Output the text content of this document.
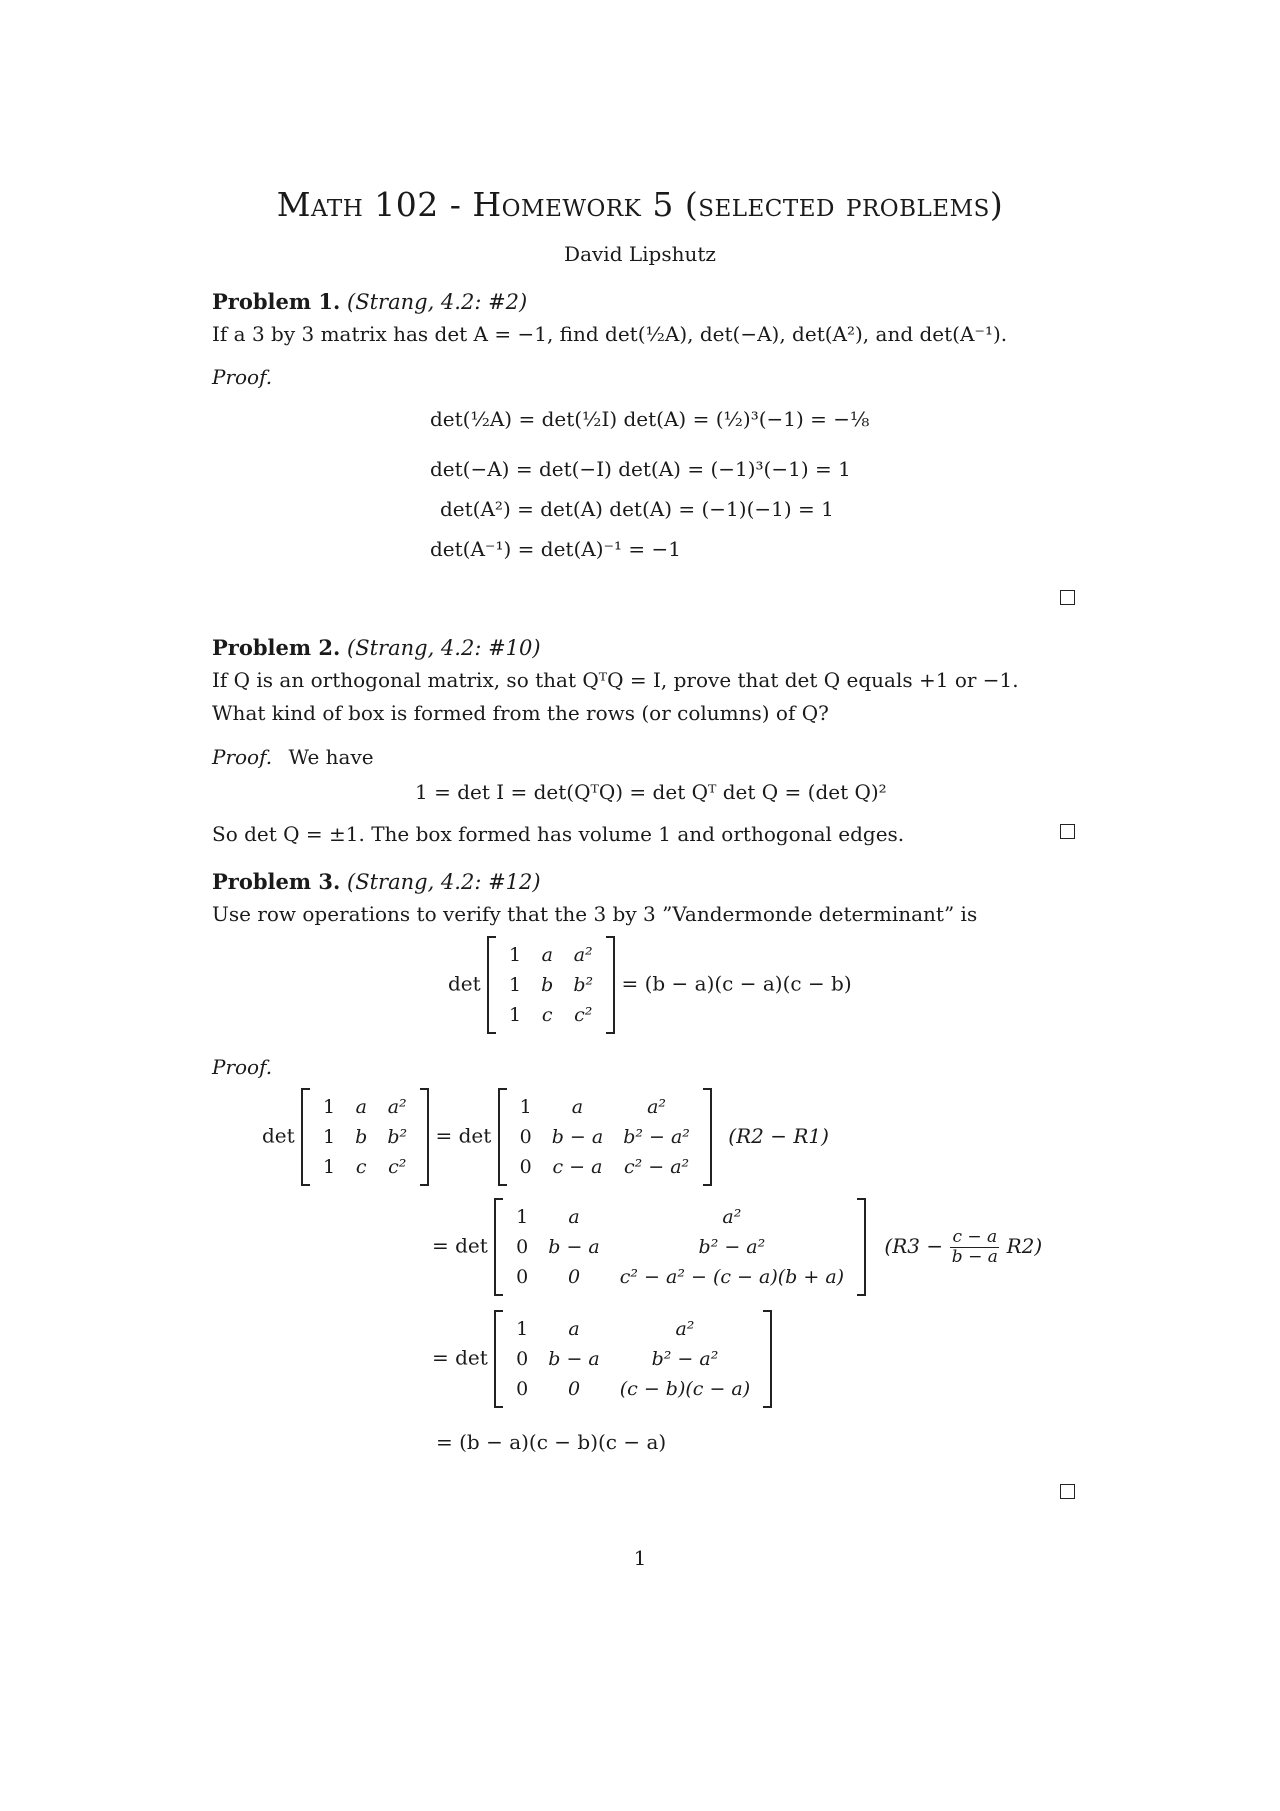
Math 102 - Homework 5 (selected problems)
David Lipshutz
Problem 1. (Strang, 4.2: #2)
If a 3 by 3 matrix has det A = −1, find det(½A), det(−A), det(A²), and det(A⁻¹).
Proof.
det(½A) = det(½I) det(A) = (½)³(−1) = −⅛
det(−A) = det(−I) det(A) = (−1)³(−1) = 1
det(A²) = det(A) det(A) = (−1)(−1) = 1
det(A⁻¹) = det(A)⁻¹ = −1
Problem 2. (Strang, 4.2: #10)
If Q is an orthogonal matrix, so that QᵀQ = I, prove that det Q equals +1 or −1. What kind of box is formed from the rows (or columns) of Q?
Proof. We have
1 = det I = det(QᵀQ) = det Qᵀ det Q = (det Q)²
So det Q = ±1. The box formed has volume 1 and orthogonal edges.
Problem 3. (Strang, 4.2: #12)
Use row operations to verify that the 3 by 3 ”Vandermonde determinant” is
det
1	a	a²
1	b	b²
1	c	c²
= (b − a)(c − a)(c − b)
Proof.
det
1	a	a²
1	b	b²
1	c	c²
= det
1	a	a²
0	b − a	b² − a²
0	c − a	c² − a²
(R2 − R1)
= det
1	a	a²
0	b − a	b² − a²
0	0	c² − a² − (c − a)(b + a)
$(R3 - \frac{c - a}{b - a} R2)$
= det
1	a	a²
0	b − a	b² − a²
0	0	(c − b)(c − a)
= (b − a)(c − b)(c − a)
1
